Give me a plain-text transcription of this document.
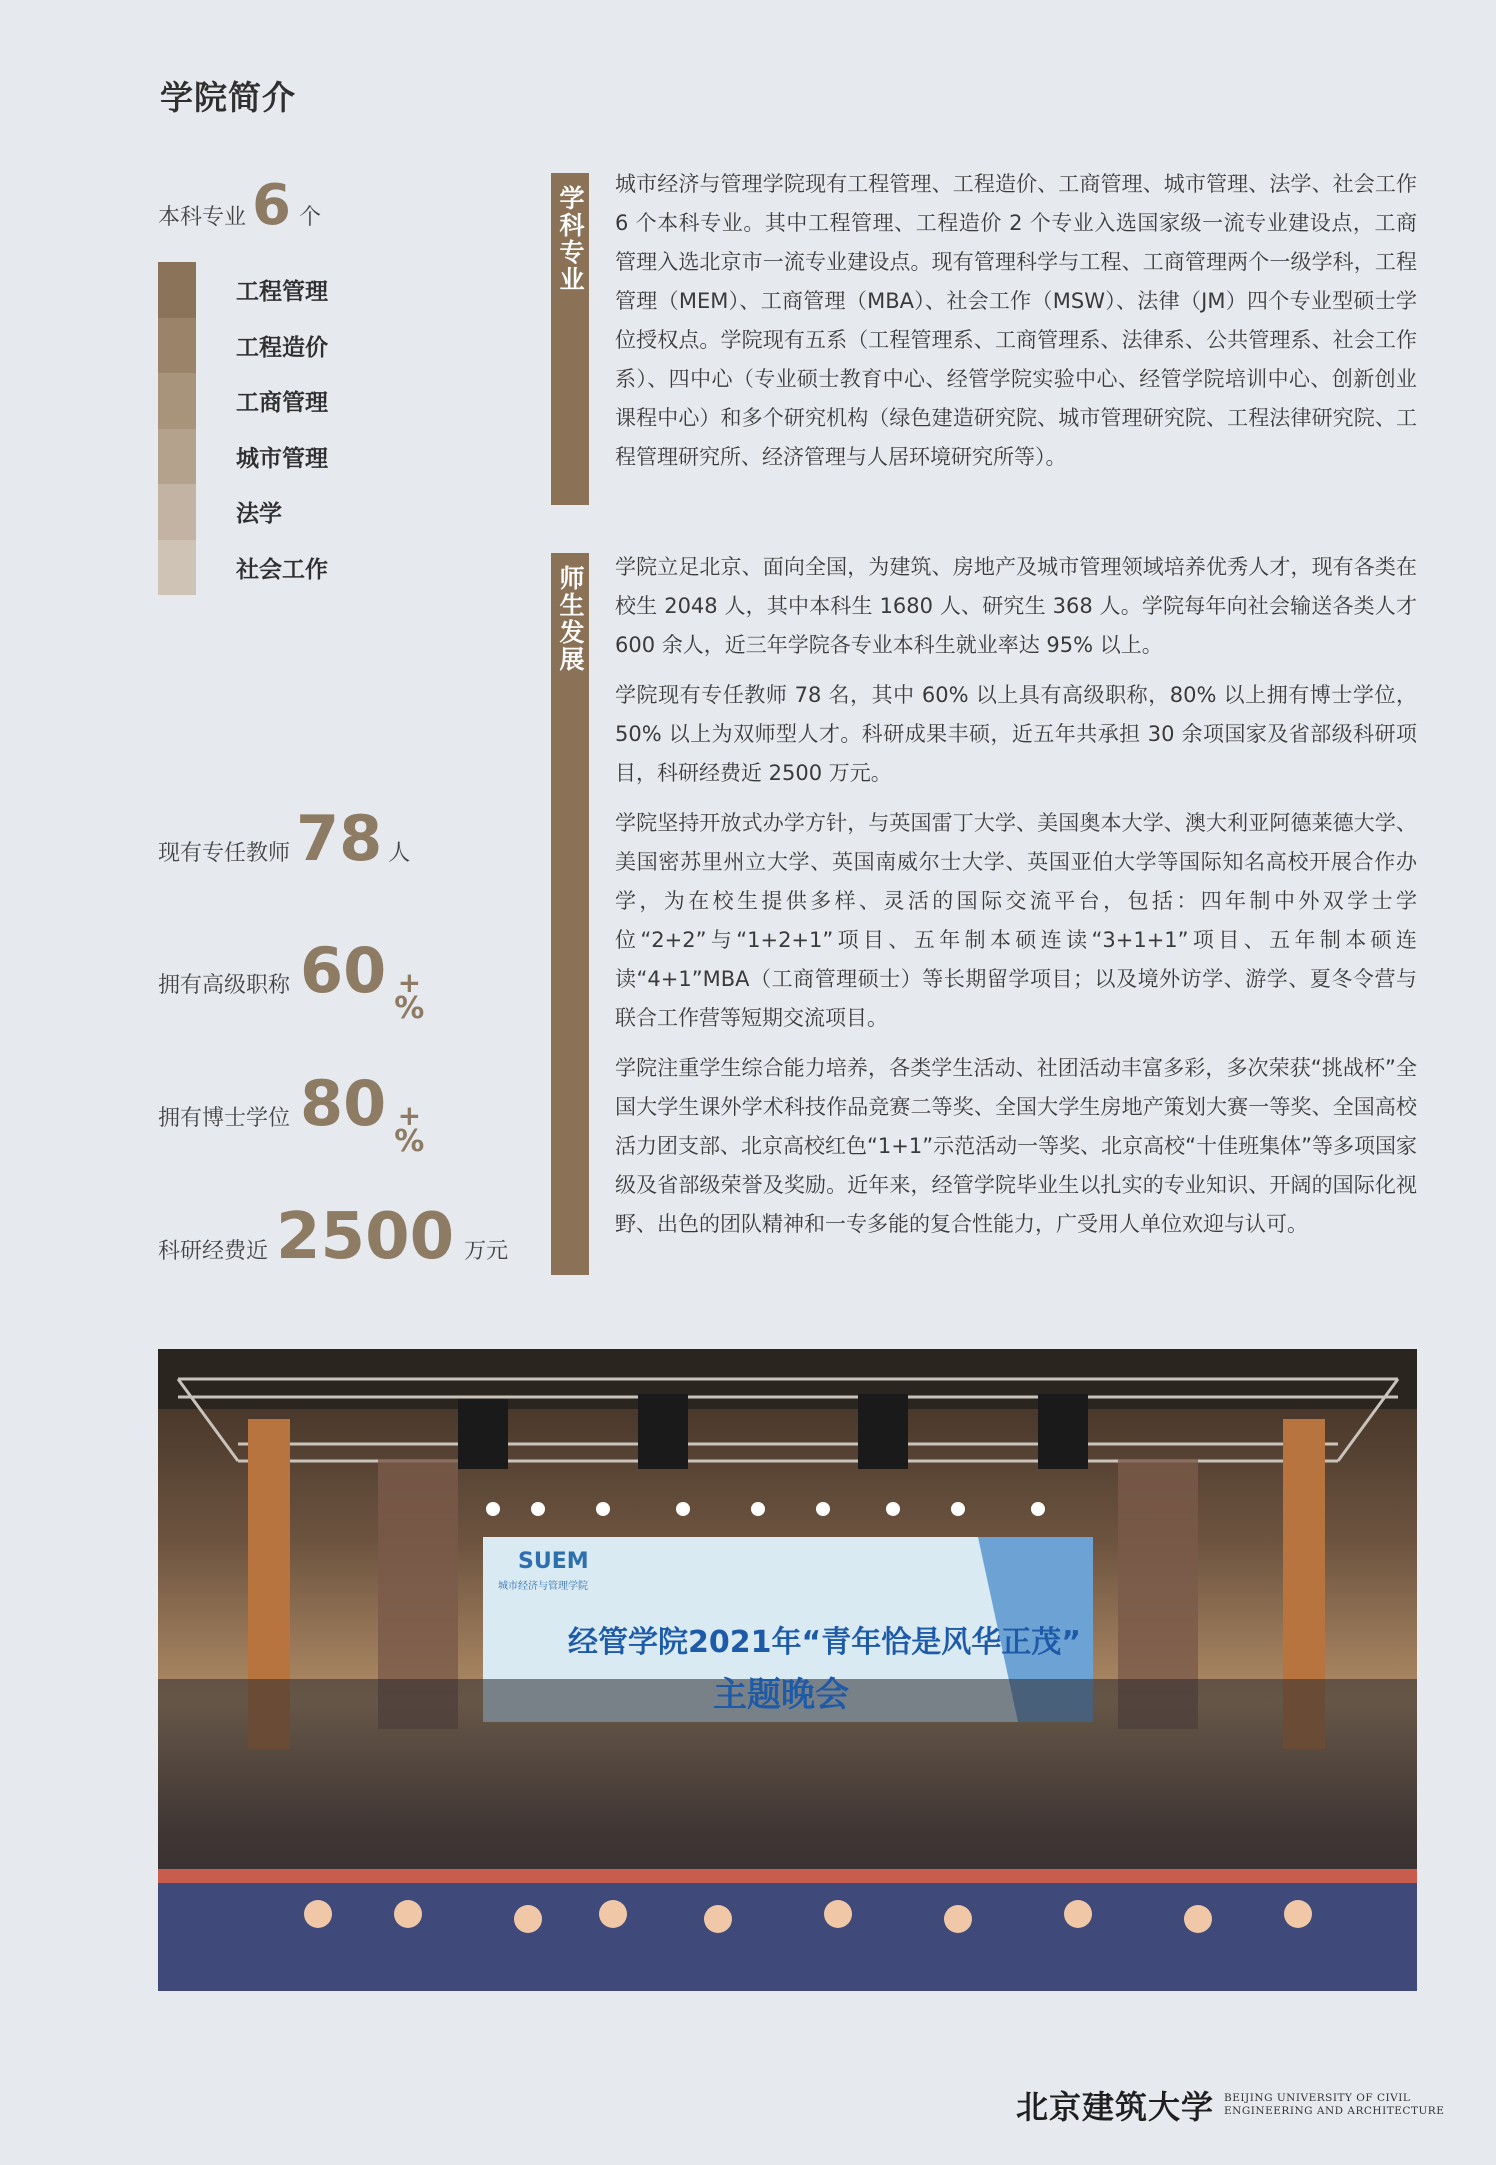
学院简介
本科专业 6 个
工程管理
工程造价
工商管理
城市管理
法学
社会工作
现有专任教师 78 人
拥有高级职称 60 +
%
拥有博士学位 80 +
%
科研经费近 2500 万元
学科专业

城市经济与管理学院现有工程管理、工程造价、工商管理、城市管理、法学、社会工作 6 个本科专业。其中工程管理、工程造价 2 个专业入选国家级一流专业建设点，工商管理入选北京市一流专业建设点。现有管理科学与工程、工商管理两个一级学科，工程管理（MEM）、工商管理（MBA）、社会工作（MSW）、法律（JM）四个专业型硕士学位授权点。学院现有五系（工程管理系、工商管理系、法律系、公共管理系、社会工作系）、四中心（专业硕士教育中心、经管学院实验中心、经管学院培训中心、创新创业课程中心）和多个研究机构（绿色建造研究院、城市管理研究院、工程法律研究院、工程管理研究所、经济管理与人居环境研究所等）。

师生发展 学院立足北京、面向全国，为建筑、房地产及城市管理领域培养优秀人才，现有各类在校生 2048 人，其中本科生 1680 人、研究生 368 人。学院每年向社会输送各类人才 600 余人，近三年学院各专业本科生就业率达 95% 以上。

学院现有专任教师 78 名，其中 60% 以上具有高级职称，80% 以上拥有博士学位， 50% 以上为双师型人才。科研成果丰硕，近五年共承担 30 余项国家及省部级科研项目，科研经费近 2500 万元。

学院坚持开放式办学方针，与英国雷丁大学、美国奥本大学、澳大利亚阿德莱德大学、美国密苏里州立大学、英国南威尔士大学、英国亚伯大学等国际知名高校开展合作办学，为在校生提供多样、灵活的国际交流平台，包括：四年制中外双学士学位“2+2”与“1+2+1”项目、五年制本硕连读“3+1+1”项目、五年制本硕连读“4+1”MBA（工商管理硕士）等长期留学项目；以及境外访学、游学、夏冬令营与联合工作营等短期交流项目。

学院注重学生综合能力培养，各类学生活动、社团活动丰富多彩，多次荣获“挑战杯”全国大学生课外学术科技作品竞赛二等奖、全国大学生房地产策划大赛一等奖、全国高校活力团支部、北京高校红色“1+1”示范活动一等奖、北京高校“十佳班集体”等多项国家级及省部级荣誉及奖励。近年来，经管学院毕业生以扎实的专业知识、开阔的国际化视野、出色的团队精神和一专多能的复合性能力，广受用人单位欢迎与认可。

SUEM
城市经济与管理学院
经管学院2021年“青年恰是风华正茂”
主题晚会
北京建筑大学 BEIJING UNIVERSITY OF CIVIL
ENGINEERING AND ARCHITECTURE
